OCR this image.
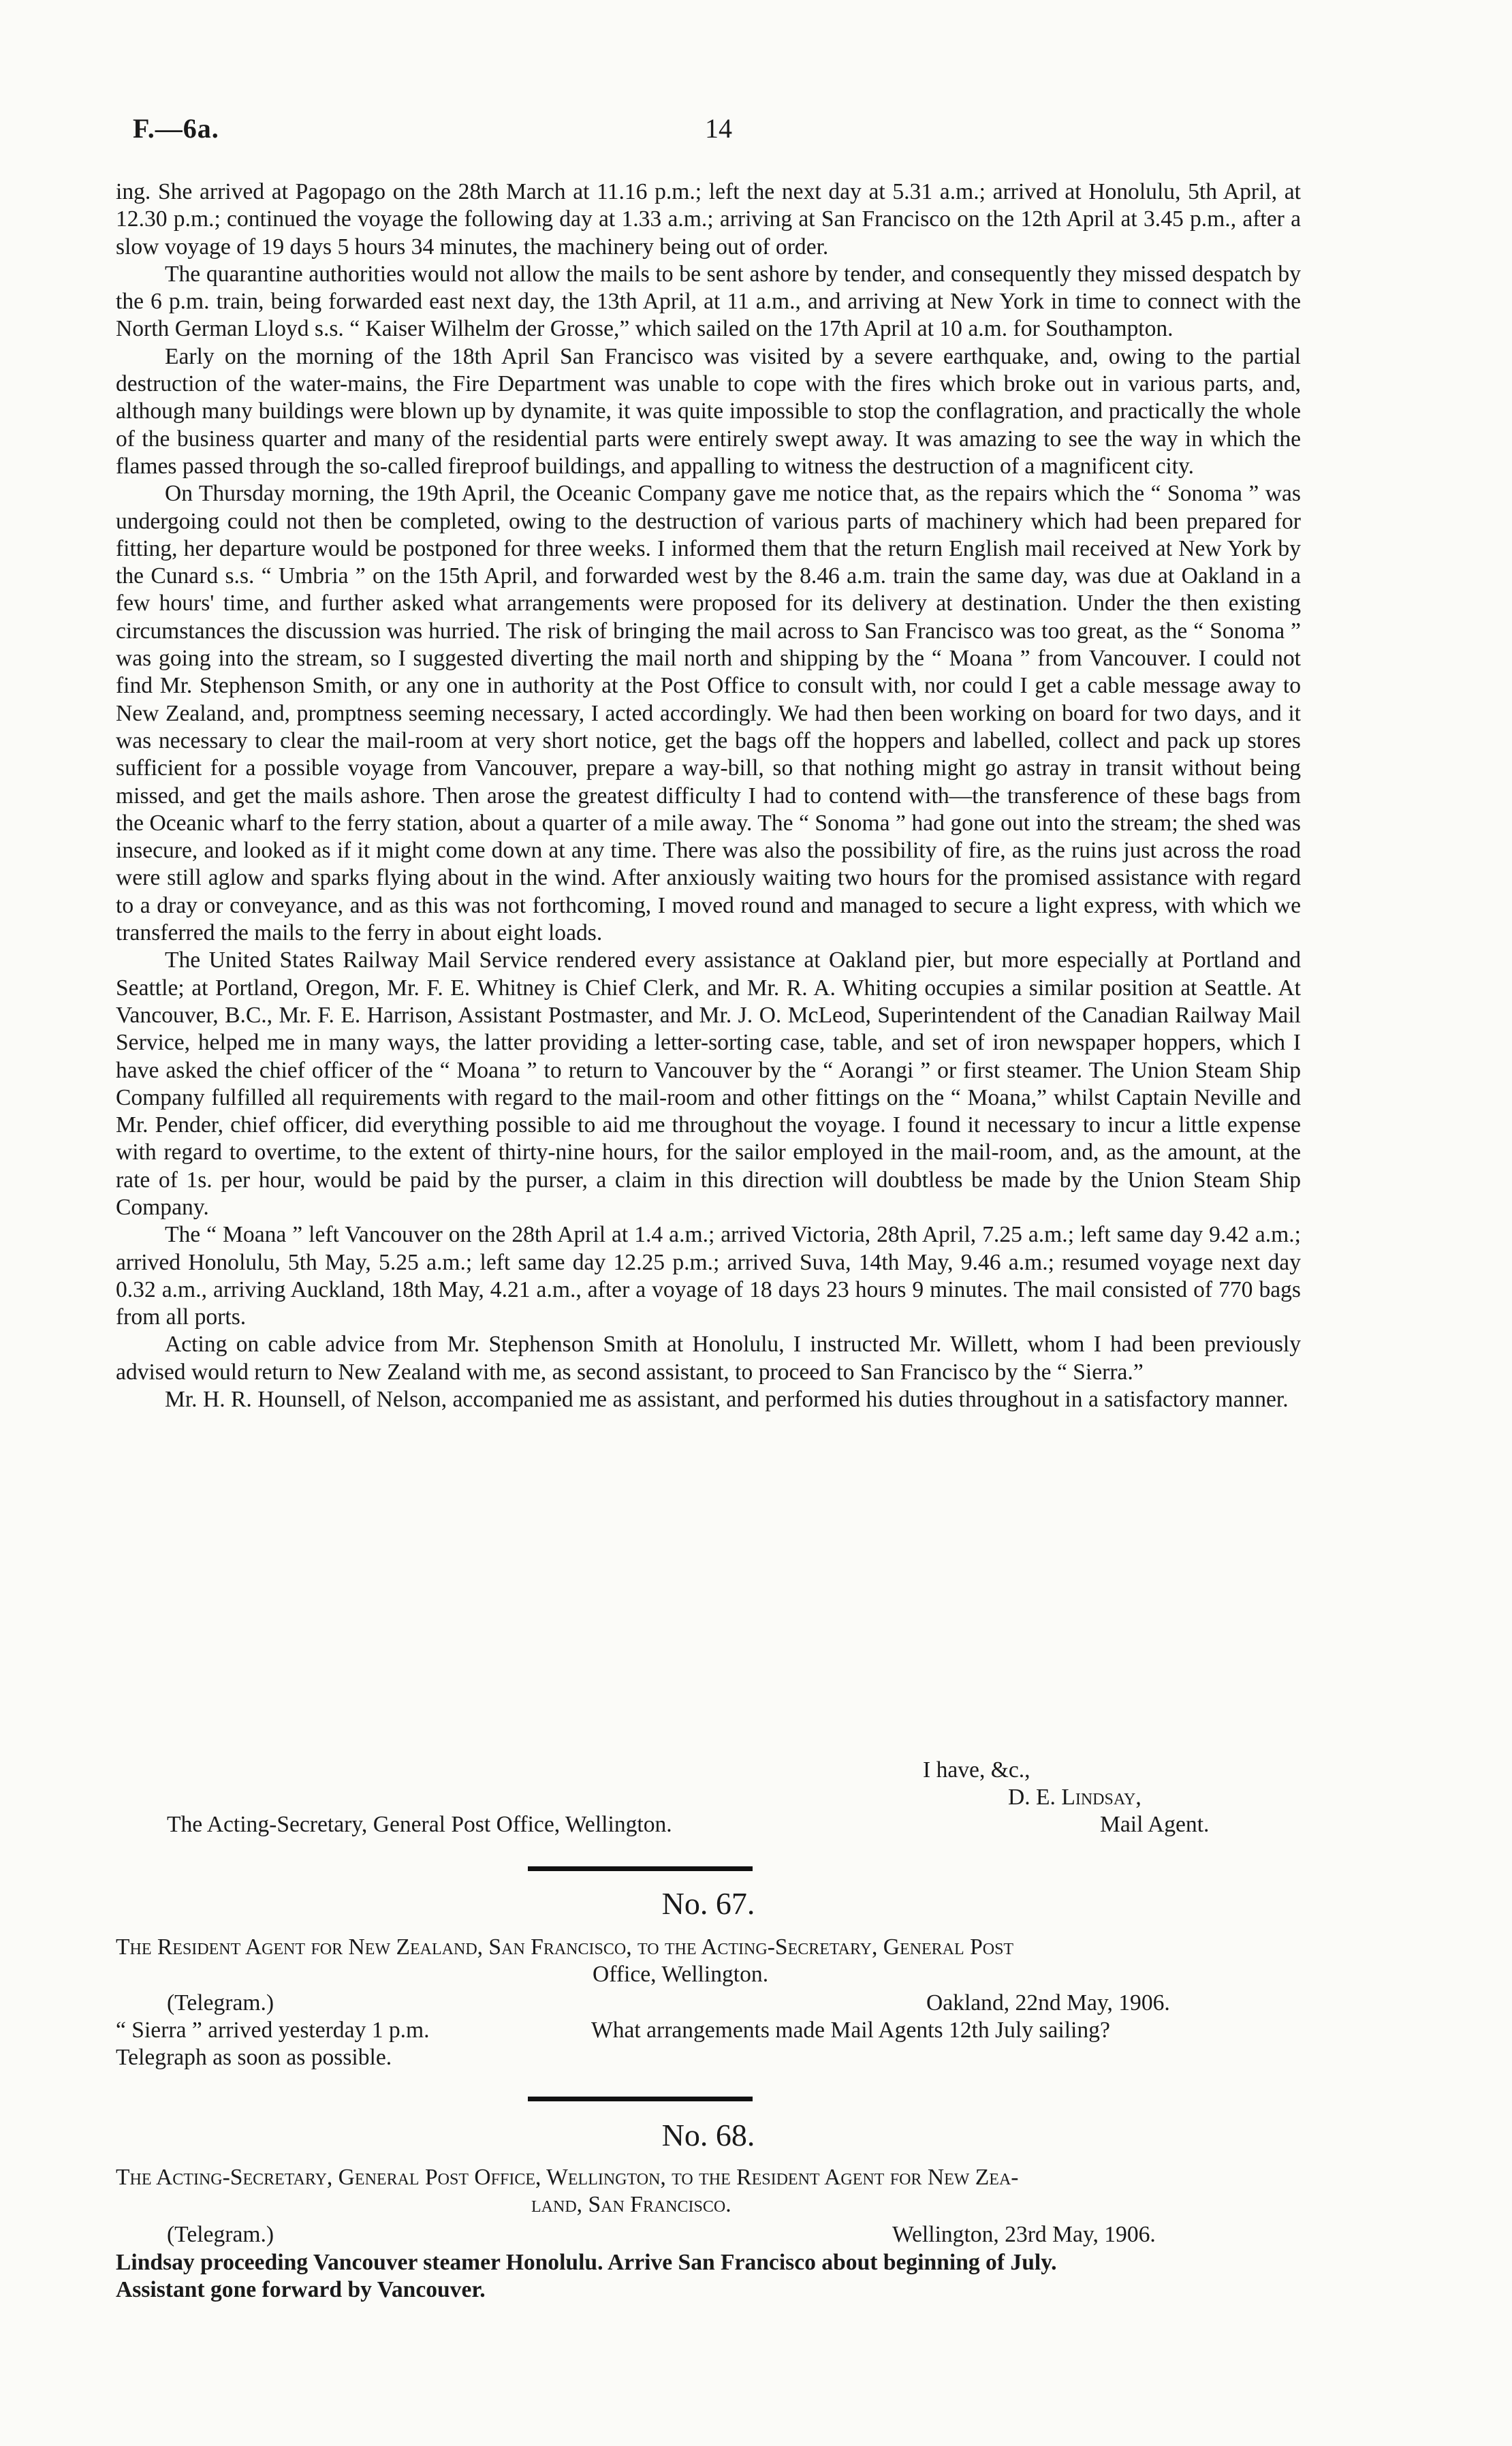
F.—6a.	14

ing. She arrived at Pagopago on the 28th March at 11.16 p.m.; left the next day at 5.31 a.m.; arrived at Honolulu, 5th April, at 12.30 p.m.; continued the voyage the following day at 1.33 a.m.; arriving at San Francisco on the 12th April at 3.45 p.m., after a slow voyage of 19 days 5 hours 34 minutes, the machinery being out of order.

The quarantine authorities would not allow the mails to be sent ashore by tender, and consequently they missed despatch by the 6 p.m. train, being forwarded east next day, the 13th April, at 11 a.m., and arriving at New York in time to connect with the North German Lloyd s.s. “ Kaiser Wilhelm der Grosse,” which sailed on the 17th April at 10 a.m. for Southampton.

Early on the morning of the 18th April San Francisco was visited by a severe earthquake, and, owing to the partial destruction of the water-mains, the Fire Department was unable to cope with the fires which broke out in various parts, and, although many buildings were blown up by dynamite, it was quite impossible to stop the conflagration, and practically the whole of the business quarter and many of the residential parts were entirely swept away. It was amazing to see the way in which the flames passed through the so-called fireproof buildings, and appalling to witness the destruction of a magnificent city.

On Thursday morning, the 19th April, the Oceanic Company gave me notice that, as the repairs which the “ Sonoma ” was undergoing could not then be completed, owing to the destruction of various parts of machinery which had been prepared for fitting, her departure would be postponed for three weeks. I informed them that the return English mail received at New York by the Cunard s.s. “ Umbria ” on the 15th April, and forwarded west by the 8.46 a.m. train the same day, was due at Oakland in a few hours' time, and further asked what arrangements were proposed for its delivery at destination. Under the then existing circumstances the discussion was hurried. The risk of bringing the mail across to San Francisco was too great, as the “ Sonoma ” was going into the stream, so I suggested diverting the mail north and shipping by the “ Moana ” from Vancouver. I could not find Mr. Stephenson Smith, or any one in authority at the Post Office to consult with, nor could I get a cable message away to New Zealand, and, promptness seeming necessary, I acted accordingly. We had then been working on board for two days, and it was necessary to clear the mail-room at very short notice, get the bags off the hoppers and labelled, collect and pack up stores sufficient for a possible voyage from Vancouver, prepare a way-bill, so that nothing might go astray in transit without being missed, and get the mails ashore. Then arose the greatest difficulty I had to contend with—the transference of these bags from the Oceanic wharf to the ferry station, about a quarter of a mile away. The “ Sonoma ” had gone out into the stream; the shed was insecure, and looked as if it might come down at any time. There was also the possibility of fire, as the ruins just across the road were still aglow and sparks flying about in the wind. After anxiously waiting two hours for the promised assistance with regard to a dray or conveyance, and as this was not forthcoming, I moved round and managed to secure a light express, with which we transferred the mails to the ferry in about eight loads.

The United States Railway Mail Service rendered every assistance at Oakland pier, but more especially at Portland and Seattle; at Portland, Oregon, Mr. F. E. Whitney is Chief Clerk, and Mr. R. A. Whiting occupies a similar position at Seattle. At Vancouver, B.C., Mr. F. E. Harrison, Assistant Postmaster, and Mr. J. O. McLeod, Superintendent of the Canadian Railway Mail Service, helped me in many ways, the latter providing a letter-sorting case, table, and set of iron newspaper hoppers, which I have asked the chief officer of the “ Moana ” to return to Vancouver by the “ Aorangi ” or first steamer. The Union Steam Ship Company fulfilled all requirements with regard to the mail-room and other fittings on the “ Moana,” whilst Captain Neville and Mr. Pender, chief officer, did everything possible to aid me throughout the voyage. I found it necessary to incur a little expense with regard to overtime, to the extent of thirty-nine hours, for the sailor employed in the mail-room, and, as the amount, at the rate of 1s. per hour, would be paid by the purser, a claim in this direction will doubtless be made by the Union Steam Ship Company.

The “ Moana ” left Vancouver on the 28th April at 1.4 a.m.; arrived Victoria, 28th April, 7.25 a.m.; left same day 9.42 a.m.; arrived Honolulu, 5th May, 5.25 a.m.; left same day 12.25 p.m.; arrived Suva, 14th May, 9.46 a.m.; resumed voyage next day 0.32 a.m., arriving Auckland, 18th May, 4.21 a.m., after a voyage of 18 days 23 hours 9 minutes. The mail consisted of 770 bags from all ports.

Acting on cable advice from Mr. Stephenson Smith at Honolulu, I instructed Mr. Willett, whom I had been previously advised would return to New Zealand with me, as second assistant, to proceed to San Francisco by the “ Sierra.”

Mr. H. R. Hounsell, of Nelson, accompanied me as assistant, and performed his duties throughout in a satisfactory manner.

I have, &c.,
D. E. Lindsay,
Mail Agent.
The Acting-Secretary, General Post Office, Wellington.
No. 67.
The Resident Agent for New Zealand, San Francisco, to the Acting-Secretary, General Post
Office, Wellington.
(Telegram.)	Oakland, 22nd May, 1906.
“ Sierra ” arrived yesterday 1 p.m.	What arrangements made Mail Agents 12th July sailing?
Telegraph as soon as possible.
No. 68.
The Acting-Secretary, General Post Office, Wellington, to the Resident Agent for New Zea-
land, San Francisco.
(Telegram.)	Wellington, 23rd May, 1906.
Lindsay proceeding Vancouver steamer Honolulu. Arrive San Francisco about beginning of July.
Assistant gone forward by Vancouver.
